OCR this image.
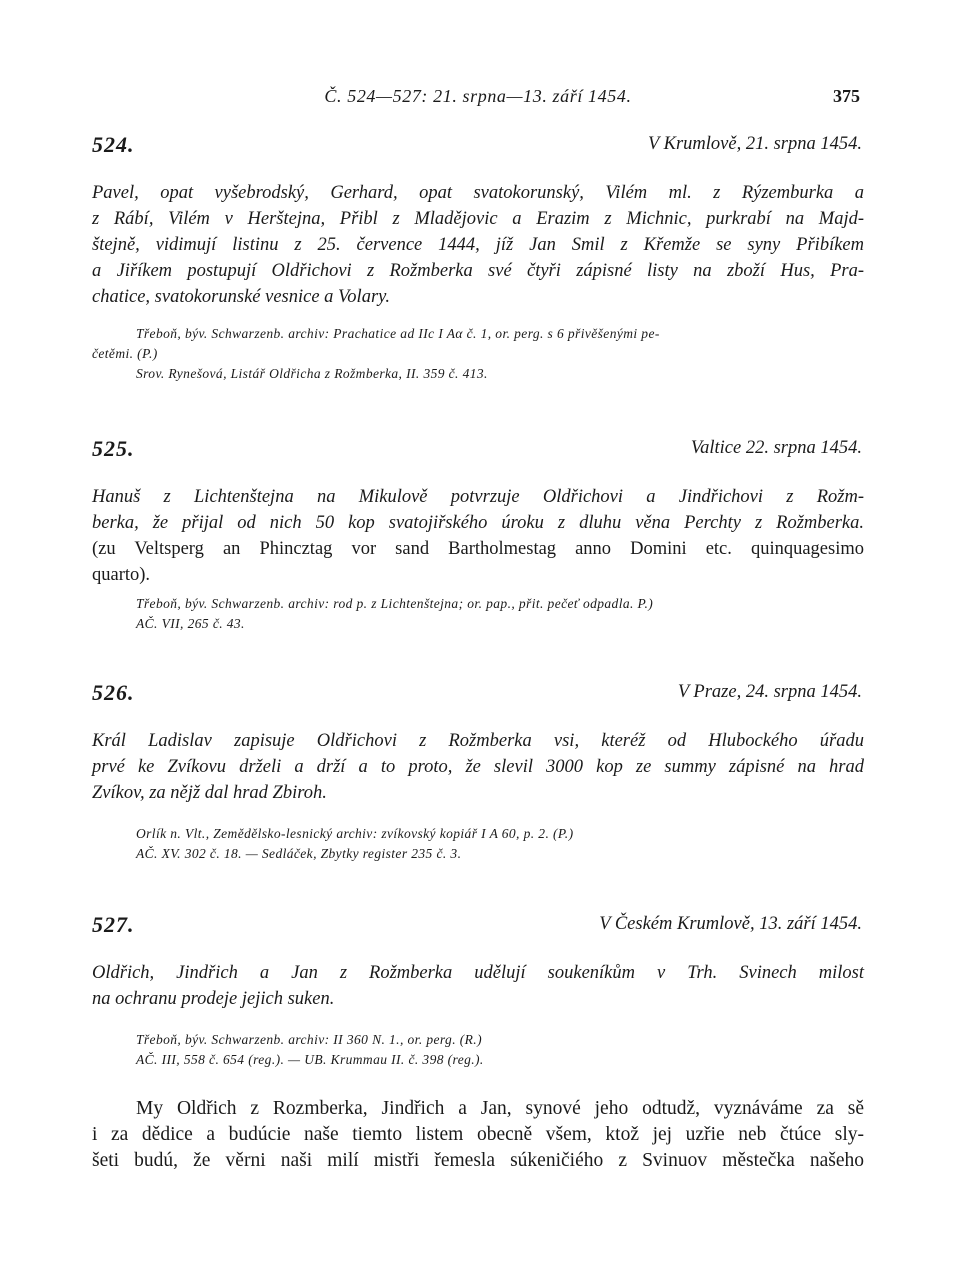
Č. 524—527: 21. srpna—13. září 1454.	375
524.	V Krumlově, 21. srpna 1454.
Pavel, opat vyšebrodský, Gerhard, opat svatokorunský, Vilém ml. z Rýzemburka a
z Rábí, Vilém v Herštejna, Přibl z Mladějovic a Erazim z Michnic, purkrabí na Majd-
štejně, vidimují listinu z 25. července 1444, jíž Jan Smil z Křemže se syny Přibíkem
a Jiříkem postupují Oldřichovi z Rožmberka své čtyři zápisné listy na zboží Hus, Pra-
chatice, svatokorunské vesnice a Volary.
Třeboň, býv. Schwarzenb. archiv: Prachatice ad IIc I Aα č. 1, or. perg. s 6 přivěšenými pe-
četěmi. (P.)
Srov. Rynešová, Listář Oldřicha z Rožmberka, II. 359 č. 413.
525.	Valtice 22. srpna 1454.
Hanuš z Lichtenštejna na Mikulově potvrzuje Oldřichovi a Jindřichovi z Rožm-
berka, že přijal od nich 50 kop svatojiřského úroku z dluhu věna Perchty z Rožmberka.
(zu Veltsperg an Phincztag vor sand Bartholmestag anno Domini etc. quinquagesimo
quarto).
Třeboň, býv. Schwarzenb. archiv: rod p. z Lichtenštejna; or. pap., přit. pečeť odpadla. P.)
AČ. VII, 265 č. 43.
526.	V Praze, 24. srpna 1454.
Král Ladislav zapisuje Oldřichovi z Rožmberka vsi, kteréž od Hlubockého úřadu
prvé ke Zvíkovu drželi a drží a to proto, že slevil 3000 kop ze summy zápisné na hrad
Zvíkov, za nějž dal hrad Zbiroh.
Orlík n. Vlt., Zemědělsko-lesnický archiv: zvíkovský kopiář I A 60, p. 2. (P.)
AČ. XV. 302 č. 18. — Sedláček, Zbytky register 235 č. 3.
527.	V Českém Krumlově, 13. září 1454.
Oldřich, Jindřich a Jan z Rožmberka udělují soukeníkům v Trh. Svinech milost
na ochranu prodeje jejich suken.
Třeboň, býv. Schwarzenb. archiv: II 360 N. 1., or. perg. (R.)
AČ. III, 558 č. 654 (reg.). — UB. Krummau II. č. 398 (reg.).
My Oldřich z Rozmberka, Jindřich a Jan, synové jeho odtudž, vyznáváme za sě
i za dědice a budúcie naše tiemto listem obecně všem, ktož jej uzřie neb čtúce sly-
šeti budú, že věrni naši milí mistři řemesla súkeničiého z Svinuov městečka našeho
